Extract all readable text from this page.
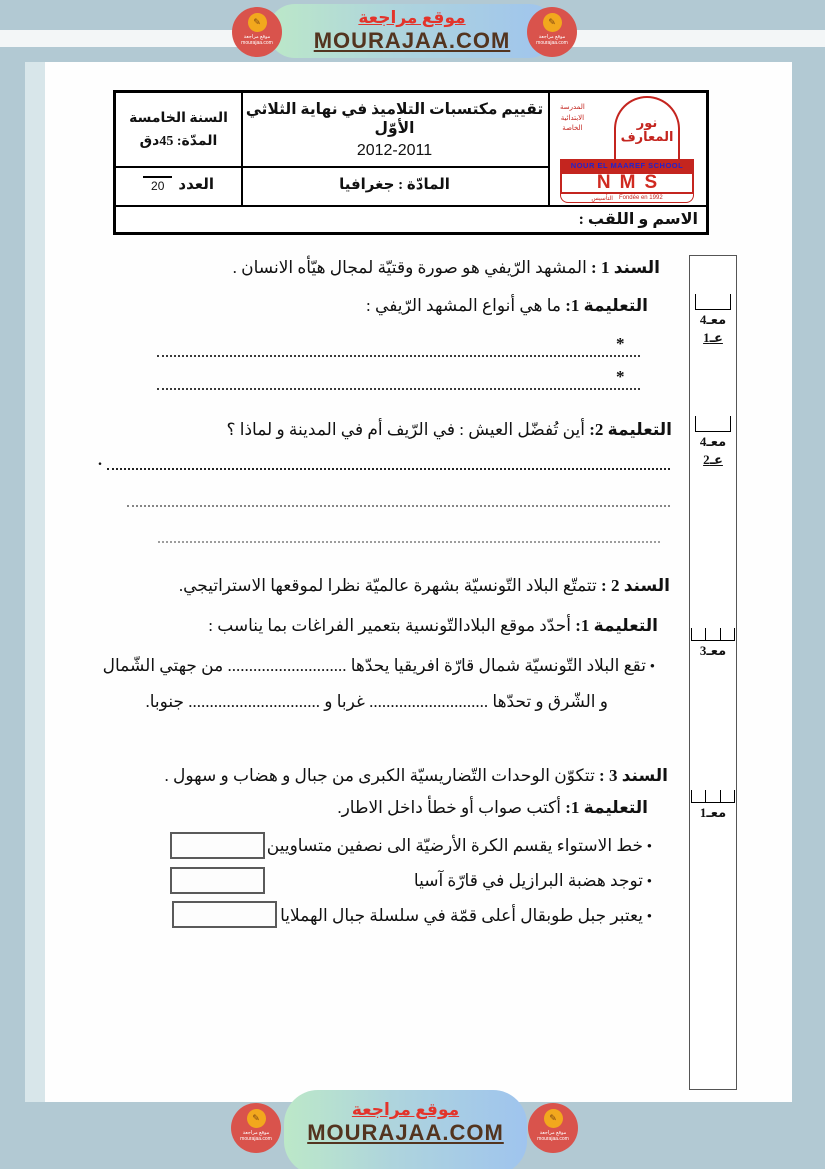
موقع مراجعة
MOURAJAA.COM
✎
موقع مراجعة
mourajaa.com
✎
موقع مراجعة
mourajaa.com
السنة الخامسة
المدّة: 45دق
العدد
20
تقييم مكتسبات التلاميذ في نهاية الثلاثي الأوّل
2012-2011
المادّة : جغرافيا
المدرسة
الابتدائية
الخاصة	نور المعارف
NOUR EL MAAREF SCHOOL
NMS
Fondée en 1992
التأسيس
الاسم و اللقب :
السند 1 : المشهد الرّيفي هو صورة وقتيّة لمجال هيّأه الانسان .
التعليمة 1: ما هي أنواع المشهد الرّيفي :
*
*
التعليمة 2: أين تُفضّل العيش : في الرّيف أم في المدينة و لماذا ؟
.
السند 2 : تتمتّع البلاد التّونسيّة بشهرة عالميّة نظرا لموقعها الاستراتيجي.
التعليمة 1: أحدّد موقع البلادالتّونسية بتعمير الفراغات بما يناسب :
• تقع البلاد التّونسيّة شمال قارّة افريقيا يحدّها ............................ من جهتي الشّمال
و الشّرق و تحدّها ............................ غربا و ............................... جنوبا.
السند 3 : تتكوّن الوحدات التّضاريسيّة الكبرى من جبال و هضاب و سهول .
التعليمة 1: أكتب صواب أو خطأ داخل الاطار.
• خط الاستواء يقسم الكرة الأرضيّة الى نصفين متساويين
• توجد هضبة البرازيل في قارّة آسيا
• يعتبر جبل طوبقال أعلى قمّة في سلسلة جبال الهملايا
معـ4
عـ1
معـ4
عـ2
معـ3
معـ1
موقع مراجعة
MOURAJAA.COM
✎
موقع مراجعة
mourajaa.com
✎
موقع مراجعة
mourajaa.com
